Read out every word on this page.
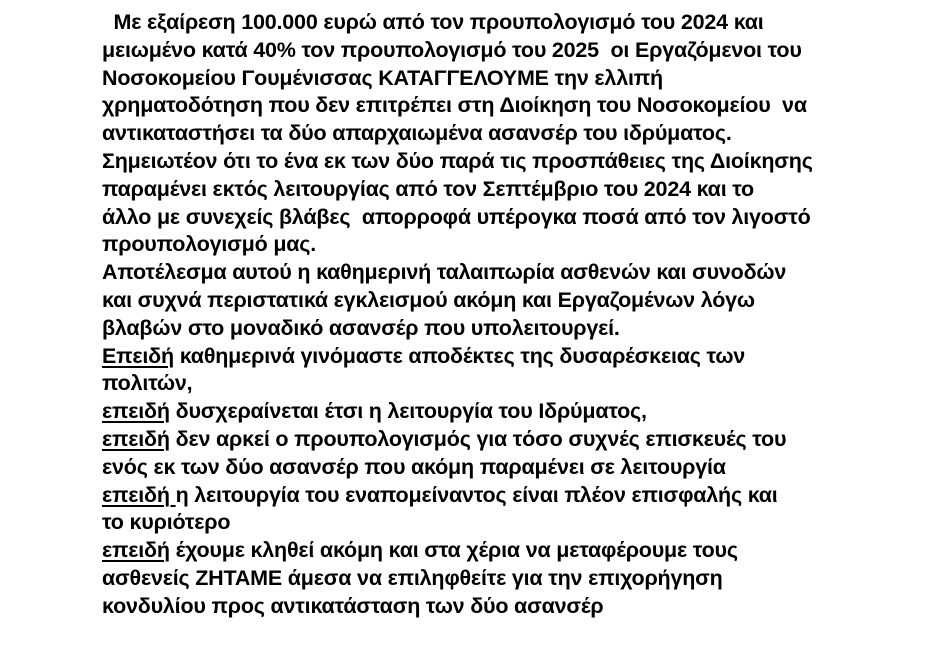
Με εξαίρεση 100.000 ευρώ από τον προυπολογισμό του 2024 και
μειωμένο κατά 40% τον προυπολογισμό του 2025  οι Εργαζόμενοι του
Νοσοκομείου Γουμένισσας ΚΑΤΑΓΓΕΛΟΥΜΕ την ελλιπή
χρηματοδότηση που δεν επιτρέπει στη Διοίκηση του Νοσοκομείου  να
αντικαταστήσει τα δύο απαρχαιωμένα ασανσέρ του ιδρύματος.
Σημειωτέον ότι το ένα εκ των δύο παρά τις προσπάθειες της Διοίκησης
παραμένει εκτός λειτουργίας από τον Σεπτέμβριο του 2024 και το
άλλο με συνεχείς βλάβες  απορροφά υπέρογκα ποσά από τον λιγοστό
προυπολογισμό μας.
Αποτέλεσμα αυτού η καθημερινή ταλαιπωρία ασθενών και συνοδών
και συχνά περιστατικά εγκλεισμού ακόμη και Εργαζομένων λόγω
βλαβών στο μοναδικό ασανσέρ που υπολειτουργεί.
Επειδή καθημερινά γινόμαστε αποδέκτες της δυσαρέσκειας των
πολιτών,
επειδή δυσχεραίνεται έτσι η λειτουργία του Ιδρύματος,
επειδή δεν αρκεί ο προυπολογισμός για τόσο συχνές επισκευές του
ενός εκ των δύο ασανσέρ που ακόμη παραμένει σε λειτουργία
επειδή η λειτουργία του εναπομείναντος είναι πλέον επισφαλής και
το κυριότερο
επειδή έχουμε κληθεί ακόμη και στα χέρια να μεταφέρουμε τους
ασθενείς ΖΗΤΑΜΕ άμεσα να επιληφθείτε για την επιχορήγηση
κονδυλίου προς αντικατάσταση των δύο ασανσέρ
